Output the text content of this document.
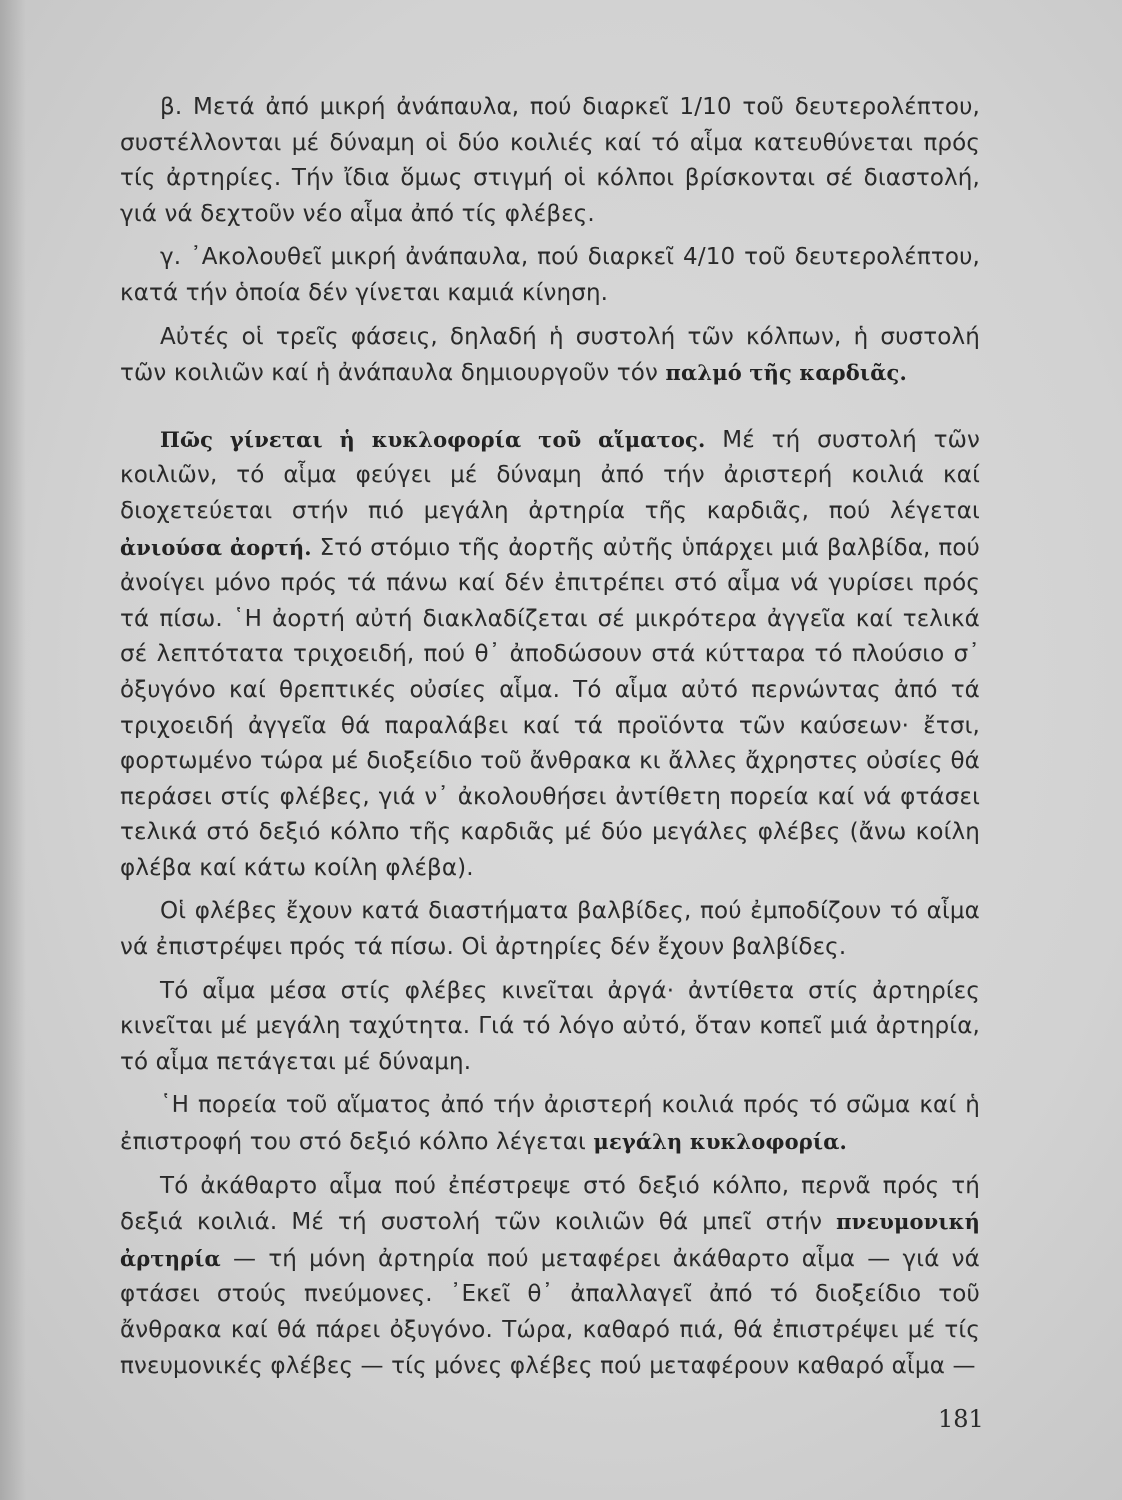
β. Μετά ἀπό μικρή ἀνάπαυλα, πού διαρκεῖ 1/10 τοῦ δευτερολέπτου, συστέλλονται μέ δύναμη οἱ δύο κοιλιές καί τό αἷμα κατευθύνεται πρός τίς ἀρτηρίες. Τήν ἴδια ὅμως στιγμή οἱ κόλποι βρίσκονται σέ διαστολή, γιά νά δεχτοῦν νέο αἷμα ἀπό τίς φλέβες.

γ. ᾿Ακολουθεῖ μικρή ἀνάπαυλα, πού διαρκεῖ 4/10 τοῦ δευτερολέπτου, κατά τήν ὁποία δέν γίνεται καμιά κίνηση.

Αὐτές οἱ τρεῖς φάσεις, δηλαδή ἡ συστολή τῶν κόλπων, ἡ συστολή τῶν κοιλιῶν καί ἡ ἀνάπαυλα δημιουργοῦν τόν παλμό τῆς καρδιᾶς.

Πῶς γίνεται ἡ κυκλοφορία τοῦ αἵματος. Μέ τή συστολή τῶν κοιλιῶν, τό αἷμα φεύγει μέ δύναμη ἀπό τήν ἀριστερή κοιλιά καί διοχετεύεται στήν πιό μεγάλη ἀρτηρία τῆς καρδιᾶς, πού λέγεται ἀνιούσα ἀορτή. Στό στόμιο τῆς ἀορτῆς αὐτῆς ὑπάρχει μιά βαλβίδα, πού ἀνοίγει μόνο πρός τά πάνω καί δέν ἐπιτρέπει στό αἷμα νά γυρίσει πρός τά πίσω. ῾Η ἀορτή αὐτή διακλαδίζεται σέ μικρότερα ἀγγεῖα καί τελικά σέ λεπτότατα τριχοειδή, πού θ᾿ ἀποδώσουν στά κύτταρα τό πλούσιο σ᾿ ὀξυγόνο καί θρεπτικές οὐσίες αἷμα. Τό αἷμα αὐτό περνώντας ἀπό τά τριχοειδή ἀγγεῖα θά παραλάβει καί τά προϊόντα τῶν καύσεων· ἔτσι, φορτωμένο τώρα μέ διοξείδιο τοῦ ἄνθρακα κι ἄλλες ἄχρηστες οὐσίες θά περάσει στίς φλέβες, γιά ν᾿ ἀκολουθήσει ἀντίθετη πορεία καί νά φτάσει τελικά στό δεξιό κόλπο τῆς καρδιᾶς μέ δύο μεγάλες φλέβες (ἄνω κοίλη φλέβα καί κάτω κοίλη φλέβα).

Οἱ φλέβες ἔχουν κατά διαστήματα βαλβίδες, πού ἐμποδίζουν τό αἷμα νά ἐπιστρέψει πρός τά πίσω. Οἱ ἀρτηρίες δέν ἔχουν βαλβίδες.

Τό αἷμα μέσα στίς φλέβες κινεῖται ἀργά· ἀντίθετα στίς ἀρτηρίες κινεῖται μέ μεγάλη ταχύτητα. Γιά τό λόγο αὐτό, ὅταν κοπεῖ μιά ἀρτηρία, τό αἷμα πετάγεται μέ δύναμη.

῾Η πορεία τοῦ αἵματος ἀπό τήν ἀριστερή κοιλιά πρός τό σῶμα καί ἡ ἐπιστροφή του στό δεξιό κόλπο λέγεται μεγάλη κυκλοφορία.

Τό ἀκάθαρτο αἷμα πού ἐπέστρεψε στό δεξιό κόλπο, περνᾶ πρός τή δεξιά κοιλιά. Μέ τή συστολή τῶν κοιλιῶν θά μπεῖ στήν πνευμονική ἀρτηρία — τή μόνη ἀρτηρία πού μεταφέρει ἀκάθαρτο αἷμα — γιά νά φτάσει στούς πνεύμονες. ᾿Εκεῖ θ᾿ ἀπαλλαγεῖ ἀπό τό διοξείδιο τοῦ ἄνθρακα καί θά πάρει ὀξυγόνο. Τώρα, καθαρό πιά, θά ἐπιστρέψει μέ τίς πνευμονικές φλέβες — τίς μόνες φλέβες πού μεταφέρουν καθαρό αἷμα —

181
